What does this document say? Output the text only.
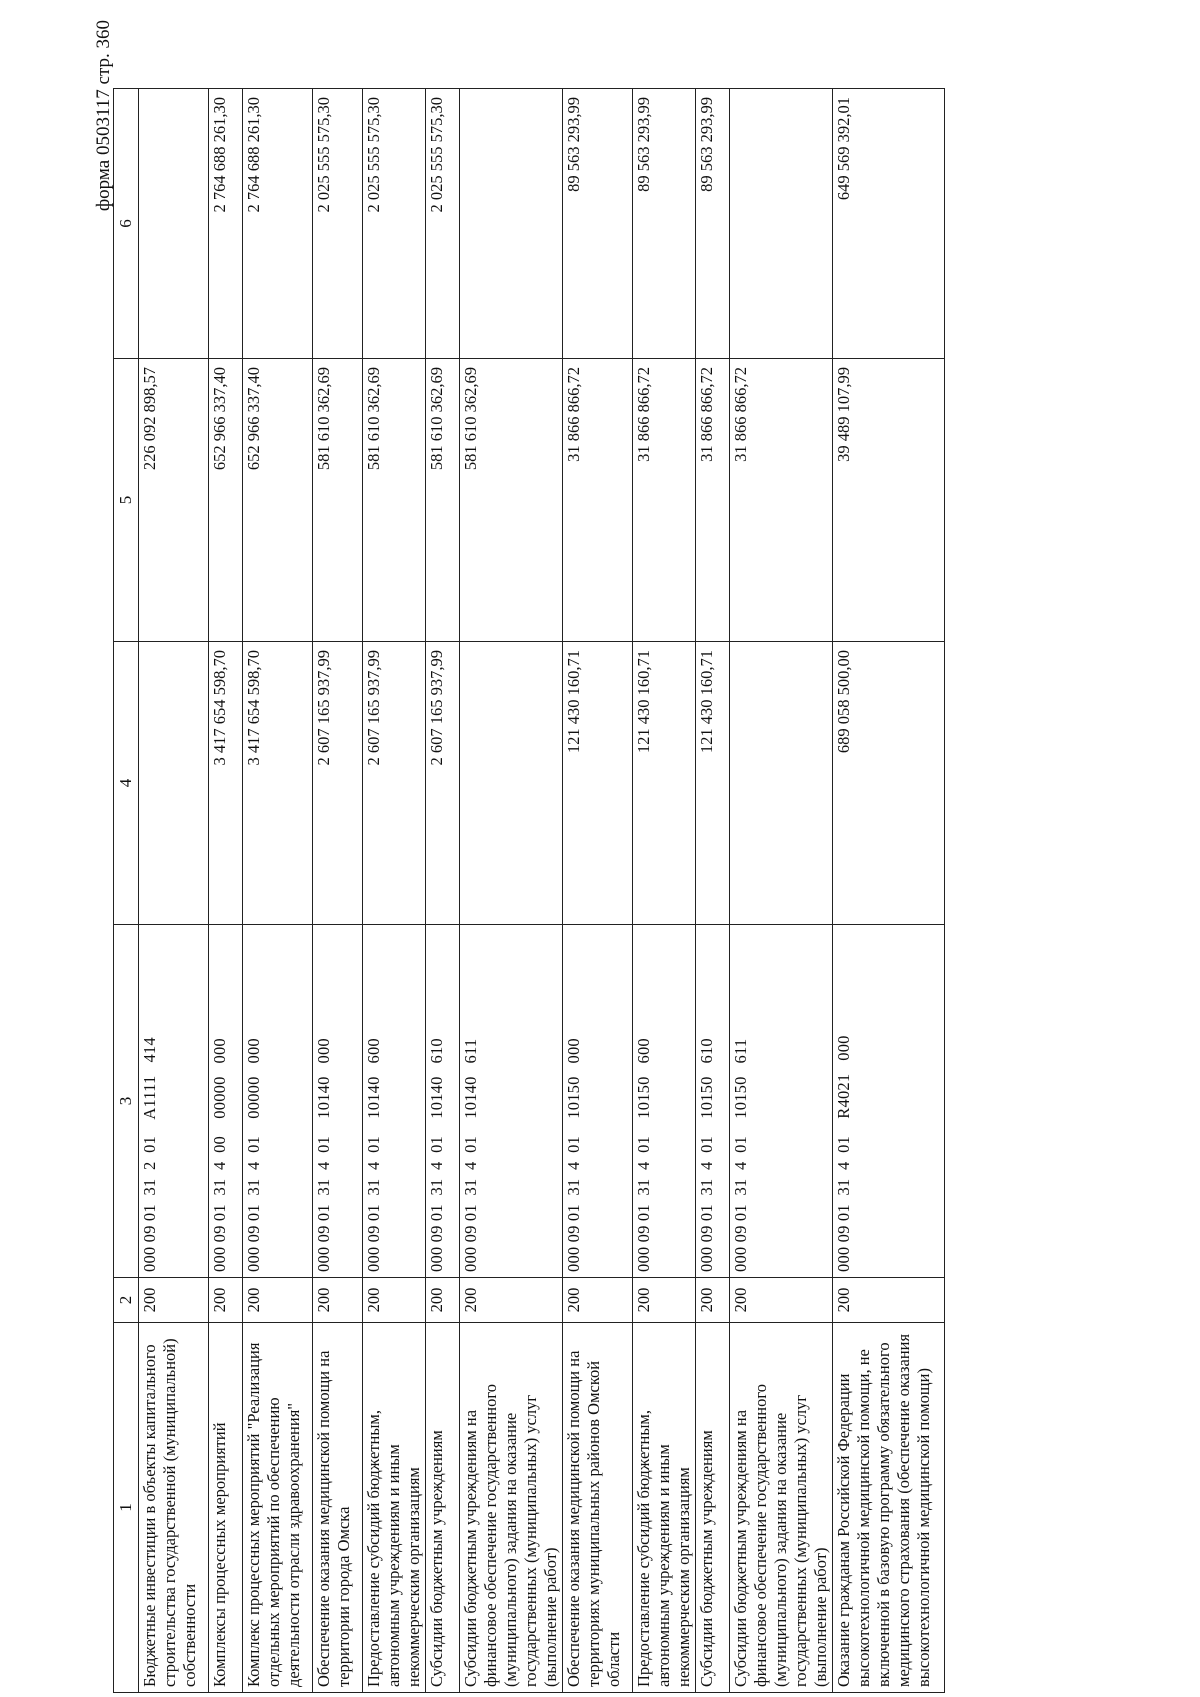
форма 0503117 стр. 360
1	2	3	4	5	6
Бюджетные инвестиции в объекты капитального строительства государственной (муниципальной) собственности	200	000 09 01  31  2  01    A1111   414		226 092 898,57	
Комплексы процессных мероприятий	200	000 09 01  31  4  00    00000   000	3 417 654 598,70	652 966 337,40	2 764 688 261,30
Комплекс процессных мероприятий "Реализация отдельных мероприятий по обеспечению деятельности отрасли здравоохранения"	200	000 09 01  31  4  01    00000   000	3 417 654 598,70	652 966 337,40	2 764 688 261,30
Обеспечение оказания медицинской помощи на территории города Омска	200	000 09 01  31  4  01    10140   000	2 607 165 937,99	581 610 362,69	2 025 555 575,30
Предоставление субсидий бюджетным, автономным учреждениям и иным некоммерческим организациям	200	000 09 01  31  4  01    10140   600	2 607 165 937,99	581 610 362,69	2 025 555 575,30
Субсидии бюджетным учреждениям	200	000 09 01  31  4  01    10140   610	2 607 165 937,99	581 610 362,69	2 025 555 575,30
Субсидии бюджетным учреждениям на финансовое обеспечение государственного (муниципального) задания на оказание государственных (муниципальных) услуг (выполнение работ)	200	000 09 01  31  4  01    10140   611		581 610 362,69	
Обеспечение оказания медицинской помощи на территориях муниципальных районов Омской области	200	000 09 01  31  4  01    10150   000	121 430 160,71	31 866 866,72	89 563 293,99
Предоставление субсидий бюджетным, автономным учреждениям и иным некоммерческим организациям	200	000 09 01  31  4  01    10150   600	121 430 160,71	31 866 866,72	89 563 293,99
Субсидии бюджетным учреждениям	200	000 09 01  31  4  01    10150   610	121 430 160,71	31 866 866,72	89 563 293,99
Субсидии бюджетным учреждениям на финансовое обеспечение государственного (муниципального) задания на оказание государственных (муниципальных) услуг (выполнение работ)	200	000 09 01  31  4  01    10150   611		31 866 866,72	
Оказание гражданам Российской Федерации высокотехнологичной медицинской помощи, не включенной в базовую программу обязательного медицинского страхования (обеспечение оказания высокотехнологичной медицинской помощи)	200	000 09 01  31  4  01    R4021   000	689 058 500,00	39 489 107,99	649 569 392,01
